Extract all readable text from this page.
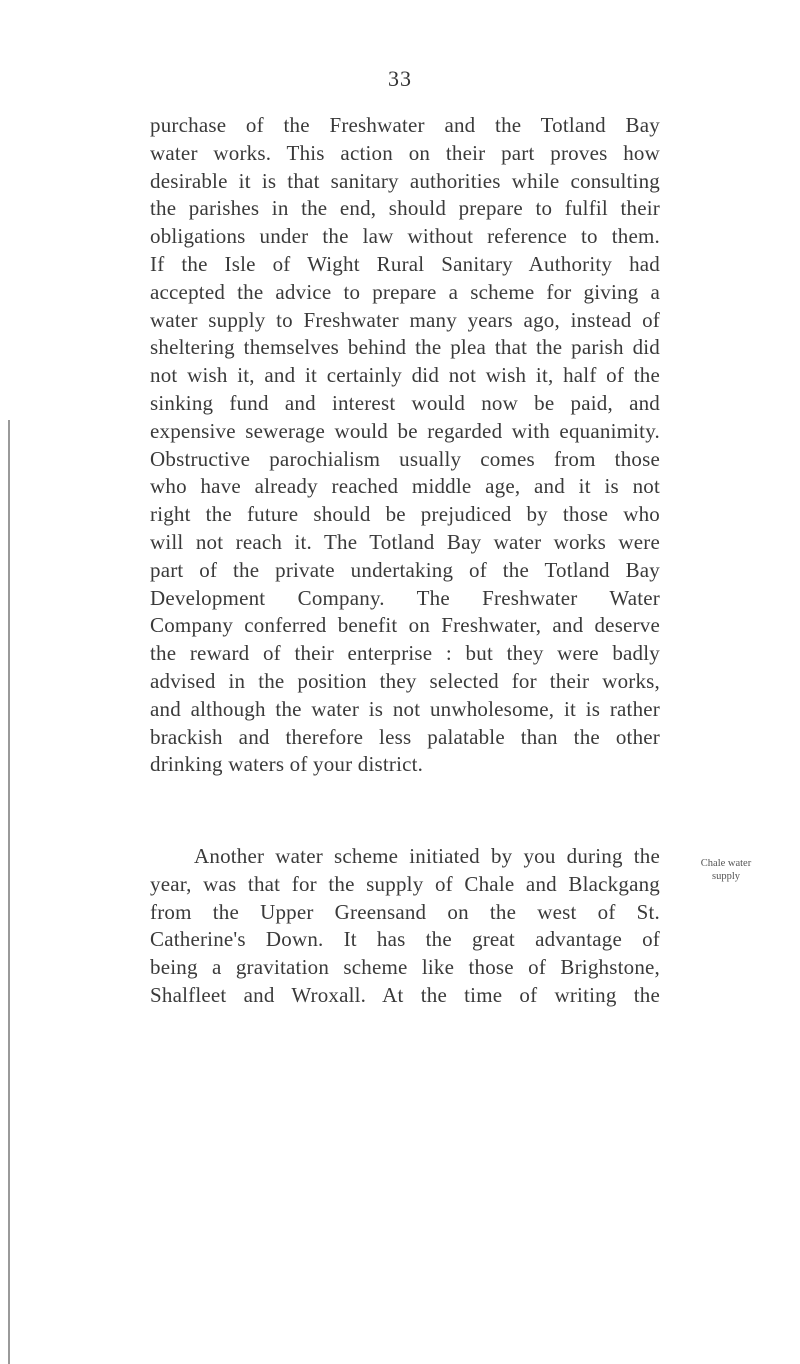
33
purchase of the Freshwater and the Totland Bay
water works. This action on their part proves how
desirable it is that sanitary authorities while consulting
the parishes in the end, should prepare to fulfil their
obligations under the law without reference to them.
If the Isle of Wight Rural Sanitary Authority had
accepted the advice to prepare a scheme for giving a
water supply to Freshwater many years ago, instead of
sheltering themselves behind the plea that the parish did
not wish it, and it certainly did not wish it, half of the
sinking fund and interest would now be paid, and
expensive sewerage would be regarded with equanimity.
Obstructive parochialism usually comes from those
who have already reached middle age, and it is not
right the future should be prejudiced by those who
will not reach it. The Totland Bay water works were
part of the private undertaking of the Totland Bay
Development Company. The Freshwater Water
Company conferred benefit on Freshwater, and deserve
the reward of their enterprise : but they were badly
advised in the position they selected for their works,
and although the water is not unwholesome, it is rather
brackish and therefore less palatable than the other
drinking waters of your district.
Another water scheme initiated by you during the
year, was that for the supply of Chale and Blackgang
from the Upper Greensand on the west of St.
Catherine's Down. It has the great advantage of
being a gravitation scheme like those of Brighstone,
Shalfleet and Wroxall. At the time of writing the
Chale water
supply
